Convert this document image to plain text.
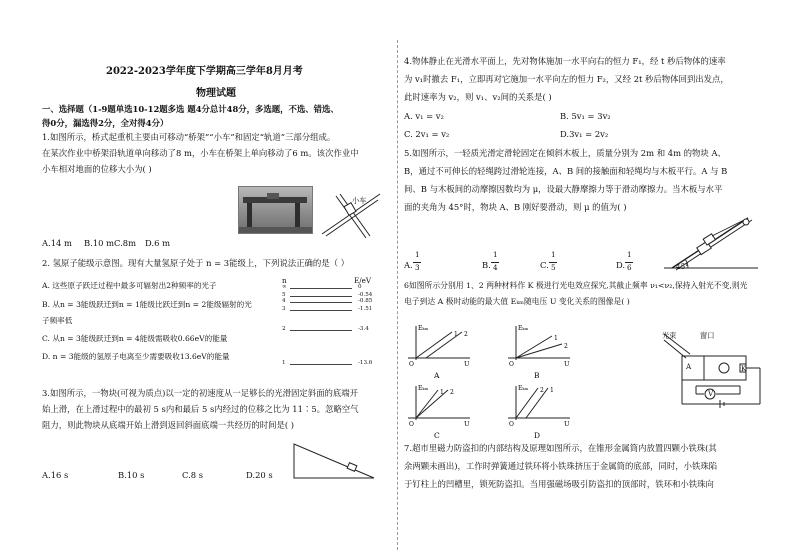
2022-2023学年度下学期高三学年8月月考
物理试题
一、选择题（1-9题单选10-12题多选 题4分总计48分，多选题，不选、错选、
得0分，漏选得2分，全对得4分）
1.如图所示，桥式起重机主要由可移动“桥架”“小车”和固定“轨道”三部分组成。
在某次作业中桥架沿轨道单向移动了8 m，小车在桥架上单向移动了6 m。该次作业中
小车相对地面的位移大小为( )
小车
A.14 m B.10 m C.8m D.6 m
2. 氢原子能级示意图。现有大量氢原子处于 n = 3能级上，下列说法正确的是（ ）
A. 这些原子跃迁过程中最多可辐射出2种频率的光子
B. 从n = 3能级跃迁到n = 1能级比跃迁到n = 2能级辐射的光
子频率低
C. 从n = 3能级跃迁到n = 4能级需吸收0.66eV的能量
D. n = 3能级的氢原子电离至少需要吸收13.6eV的能量
n	E/eV
∞	0
5	-0.54
4	-0.85
3	-1.51
2	-3.4
1	-13.6
3.如图所示，一物块(可视为质点)以一定的初速度从一足够长的光滑固定斜面的底端开
始上滑，在上滑过程中的最初 5 s内和最后 5 s内经过的位移之比为 11∶5。忽略空气
阻力，则此物块从底端开始上滑到返回斜面底端一共经历的时间是( )
A.16 s	B.10 s	C.8 s	D.20 s
4.物体静止在光滑水平面上，先对物体施加一水平向右的恒力 F₁，经 t 秒后物体的速率
为 v₁时撤去 F₁，立即再对它施加一水平向左的恒力 F₂，又经 2t 秒后物体回到出发点，
此时速率为 v₂，则 v₁、v₂间的关系是( )
A. v₁ = v₂	B. 5v₁ = 3v₂
C. 2v₁ = v₂	D.3v₁ = 2v₂
5.如图所示，一轻质光滑定滑轮固定在倾斜木板上，质量分别为 2m 和 4m 的物块 A、
B，通过不可伸长的轻绳跨过滑轮连接，A、B 间的接触面和轻绳均与木板平行。A 与 B
间、B 与木板间的动摩擦因数均为 μ，设最大静摩擦力等于滑动摩擦力。当木板与水平
面的夹角为 45°时，物块 A、B 刚好要滑动，则 μ 的值为( )
45°
A.
1
3	B.
1
4	C.
1
5	D.
1
6
6如图所示分别用 1、2 两种材料作 K 极进行光电效应探究,其截止频率 ν₁<ν₂,保持入射光不变,则光
电子到达 A 极时动能的最大值 Eₖₘ随电压 U 变化关系的图像是( )
Eₖₘ
U
O
1 2
A
Eₖₘ
U
O
1
2
B
Eₖₘ
U
O
1 2
C
Eₖₘ
U
O
1
2
D
光束	窗口
A	K
V
7.超市里磁力防盗扣的内部结构及原理如图所示，在锥形金属筒内放置四颗小铁珠(其
余两颗未画出)，工作时弹簧通过铁环将小铁珠挤压于金属筒的底部，同时，小铁珠陷
于钉柱上的凹槽里，锁死防盗扣。当用强磁场吸引防盗扣的顶部时，铁环和小铁珠向
